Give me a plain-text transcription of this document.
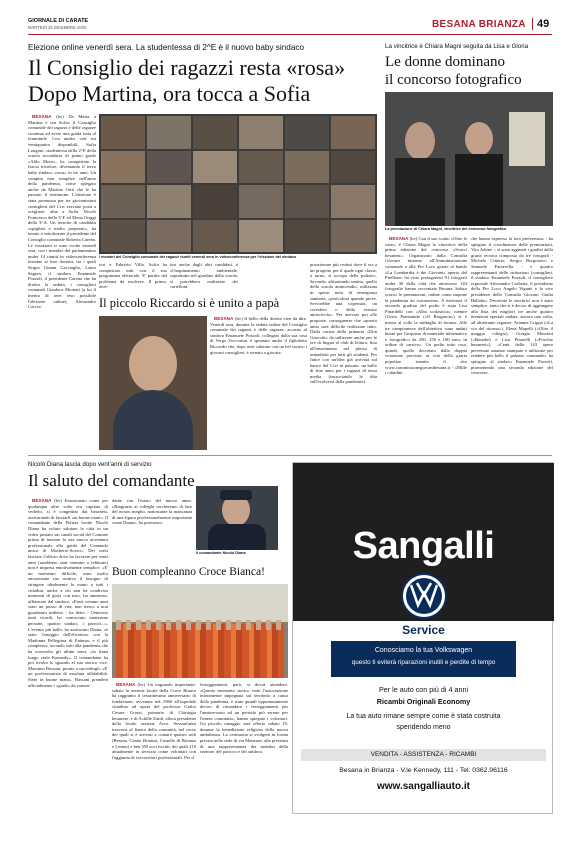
GIORNALE DI CARATE
MARTEDÌ 15 DICEMBRE 2020	BESANA BRIANZA 49
Elezione online venerdì sera. La studentessa di 2^E è il nuovo baby sindaco
Il Consiglio dei ragazzi resta «rosa»
Dopo Martina, ora tocca a Sofia

BESANA (bv) Da Marta a Martina e ora Sofia: il Consiglio comunale dei ragazzi e delle ragazze continua ad avere una guida tutta al femminile. Con undici voti sui ventiquattro disponibili, Sofia Longoni, studentessa della 2^E della scuola secondaria di primo grado «Aldo Moro», ha conquistato la fascia tricolore, diventando il terzo baby sindaco «rosa» in tre anni. Un compito non semplice nell'anno della pandemia, come spiegato anche da Martina Oriti che le ha passato il testimone. L'elezione è stata promossa per tre giovanissimi consiglieri del Ccrr eravano posti a scegliere: oltre a Sofia, Nicolò Francesco della 3^F ed Elena Origgi della 3^A. Un terzetto di candidati «spigliati e molto preparati», ha tenuto a sottolineare il presidente del Consiglio comunale Roberta Carena. Le votazioni si sono svolte venerdì sera, con i membri del parlamentino under 14 riuniti in videoconferenza insieme ai loro docenti, tra i quali Sergio Gianni Cacciaglio, Laura Sagion, il sindaco Emanuele Pozzoli, il presidente Carena che ha diretto la seduta, i consiglieri comunali Gianluca Mornati (a lui il merito di aver reso possibile l'elezione online), Alessandro Caccia-

I membri del Consiglio comunale dei ragazzi riuniti venerdì sera in videoconferenza per l'elezione del sindaco
tori e Fabrizio Villa. Sofia ha conquistato tutti con il suo programma elettorale. E' partita dal problema da risolvere. Il primo, aver-
tito anche dagli altri candidati, è «l'inquinamento ambientale, soprattutto nel giardino della scuola, si potrebbero realizzare dei cartelloni,
posizionare più cestini dove il via a un progetto per il quale ogni classe, a turno, si occupa delle pulizie». Secondo, affrontando sentito, quello della scuola antincendio, utilizzata in questi mesi di emergenza sanitaria, «pericolosa quando piove. Servirebbe una copertura, un corridoio o della vernice antiscivolo». Per arrivare poi alle proposte, conseguenze che «questo anno sarà difficile realizzare tutto. Dalla cucina della primaria «Don Gnocchi» da utilizzare anche per le ore di lingua al club di lettura, fino all'inserimento nel plesso di armadietti per tutti gli studenti. Per finire con un'idea già arrivata sul banco del Ccrr in passato: un bullo di fine anno per i ragazzi di terza media (incrociando le dita sull'evolversi della pandemia).
Il piccolo Riccardo si è unito a papà

BESANA (bv) Il bello della diretta vien da dire. Venerdì sera, durante la seduta online del Consiglio comunale dei ragazzi e delle ragazze, accanto al sindaco Emanuele Pozzoli, collegato dalla sua casa di Vergo Zoccorino, è spuntato anche il figlioletto Riccardo che, dopo aver salutato con un bel sorriso i giovani consiglieri, è tornato a giocare.

La vincitrice è Chiara Magni seguita da Lisa e Gloria
Le donne dominano
il concorso fotografico
La premiazione di Chiara Magni, vincitrice del concorso fotografico

BESANA (bv) Con il suo scatto «Oltre le case», è Chiara Magni la vincitrice della prima edizione del concorso «Scorci besanesi». Organizzato dalla Consulta Giovani insieme all'Amministrazione comunale e alla Pro Loco grazie al bando «La Lombardia è dei Giovani» aperto dal Pirellone, ha visto protagonisti 91 fotografi under 30 della città che attraverso 143 fotografie hanno raccontato Besana. Saluto scorso le premiazioni, online come impone la pandemia da coronavirus. A meritarsi il secondo gradino del podio è stata Lisa Pinardelli con «Alba scolastica», mentre Gloria Piantanida («Il Brugaron») si è messa al collo la medaglia di bronzo. Alle tre campionesse dell'obiettivo sono andati buoni per l'acquisto di materiale informatico e fotografico da 250, 150 e 100 euro, in ordine di «arrivo». Un podio tutto rosa, quindi, quello decretato dalla doppia votazione prevista: ai voti della giuria popolare tramite il sito www.commissionegiovanibesana.it - «Mille i cittadini

che hanno espresso la loro preferenza» - ha spiegato il coordinatore delle premiazioni, Vito Adone -, si sono aggiunti i giudizi della giuria tecnica composta da tre fotografi - Michele Citterio, Sergio Borgonovo e Samuele Parravella - e quattro rappresentanti delle istituzioni (consiglieri, il sindaco Emanuele Pozzoli, il consigliere regionale Alessandro Corbetta, il presidente della Pro Loco Angelo Viganò e la vice presidente della Consulta Giovani Giulia Ballabio. Decretate le vincitrici non è stato semplice, tanto che si è deciso di aggiungere alla lista dei migliori tre anche quattro menzioni speciali andate, ancora una volta, ad altrettante ragazze: Arianna Crippa («La via del ritorno»), Elena Mapelli («Oltre il muggio ciliegio), Giorgia Massimi («Breathe) e Lisa Pinarelli («Foschie besanesi»). «Centi delle 143 opere pervenute saranno stampate e utilizzate per rendere più bello il palazzo comunale» ha spiegato al sindaco Emanuele Pozzoli, promettendo una seconda edizione del concorso.
Nicolò Diana lascia dopo vent'anni di servizio
Il saluto del comandante

BESANA (bv) Emozionato come per qualunque altre volte era capitato di vederlo, si è congedato dai besanesi, assicurando di lasciarli «in buone mani». Il comandante della Polizia locale Nicolò Diana ha voluto salutare la città in un video postato sui canali social del Comune prima di iniziare la sua nuova avventura professionale alla guida del Comando unico di Macherio-Sovico. Dei mesi lasciare l'ufficio dove ha lavorato per venti anni (sarebbero stati ventuno a febbraio) non è impresa emotivamente semplice. «E' un momento difficile, sono molto emozionato ma sentivo il bisogno di stringere idealmente la mano a tutti i cittadini, anche a chi non ha condiviso momenti di gioia con me», ha ammesso, affiancato dal sindaco. «Passi venuno anni sono un pozzo di vita, non riesco a non guardarmi indietro - ha detto - Generose tanti ricordi, ho conosciuto tantissime persone, quattro sindaci, i parroci...». L'evento più bello, ha assicurato Diana, «è stato l'arteggio dell'elicottero con la Madonna Pellegrina di Fatima» e il più complesso, secondo solo alla pandemia che ha sconvolto gli ultimi mesi, «la frana lungo viale Kennedy». Il comandante ha poi rivolto lo sguardo al suo storico vice, Massimo Bassani, pronto a succedergli. «E' un professionista di assoluta affidabilità. Siete in buone mani». Bassani prenderà ufficialmente i «gradi» da coman-

dante con l'inizio del nuovo anno. «Ringrazio ai colleghi cercheremo di fare del nostro meglio, nonostante la mancanza di una figura professionalmente importante come Diana», ha promesso.
Il comandante Nicolò Diana
Buon compleanno Croce Bianca!

BESANA (bv) Un traguardo importante: sabato la sezione locale della Croce Bianca ha raggiunto il sessantesimo anniversario di fondazione, avvenuta nel 1960 all'ospedale cittadino ad opera del professor Giulio Cesare Grassi, primario di Chirurgia besanese, e di Achille Zardi, allora presidente della locale sezione Acra. Sessant'anni trascorsi al fianco della comunità, nel corso dei quali si è arrivati a contare quattro sedi (Besana, Carate Brianza, Castello di Brianza e Lesmo) e ben 350 soci iscritti, dei quali 210 attualmente in servizio come volontari con l'aggiunta di soccorritori professionali. Per il

festeggiamenti, però, si dovrà attendere. «Questo momento storico vede l'associazione interamente impegnata sul territorio a causa della pandemia, è stato quindi opportunamente deciso di rimandare i festeggiamenti per l'anniversario ad un periodo più sereno per l'intera comunità», hanno spiegato i volontari. Un piccolo omaggio sarà offerto sabato 19, durante la benedizione religiosa della nuova ambulanza. La cerimonia si svolgerà in forma privata nella sede di via Manzoni, alla presenza di una rappresentanza dei membri della sezione, del parroco e del sindaco.
Sangalli
Service
Conosciamo la tua Volkswagen
questo ti eviterà riparazioni inutili e perdite di tempo
Per le auto con più di 4 anni
Ricambi Originali Economy
La tua auto rimane sempre come è stata costruita
spendendo meno
VENDITA - ASSISTENZA - RICAMBI
Besana in Brianza - V.le Kennedy, 111 - Tel. 0362.96116
www.sangalliauto.it
